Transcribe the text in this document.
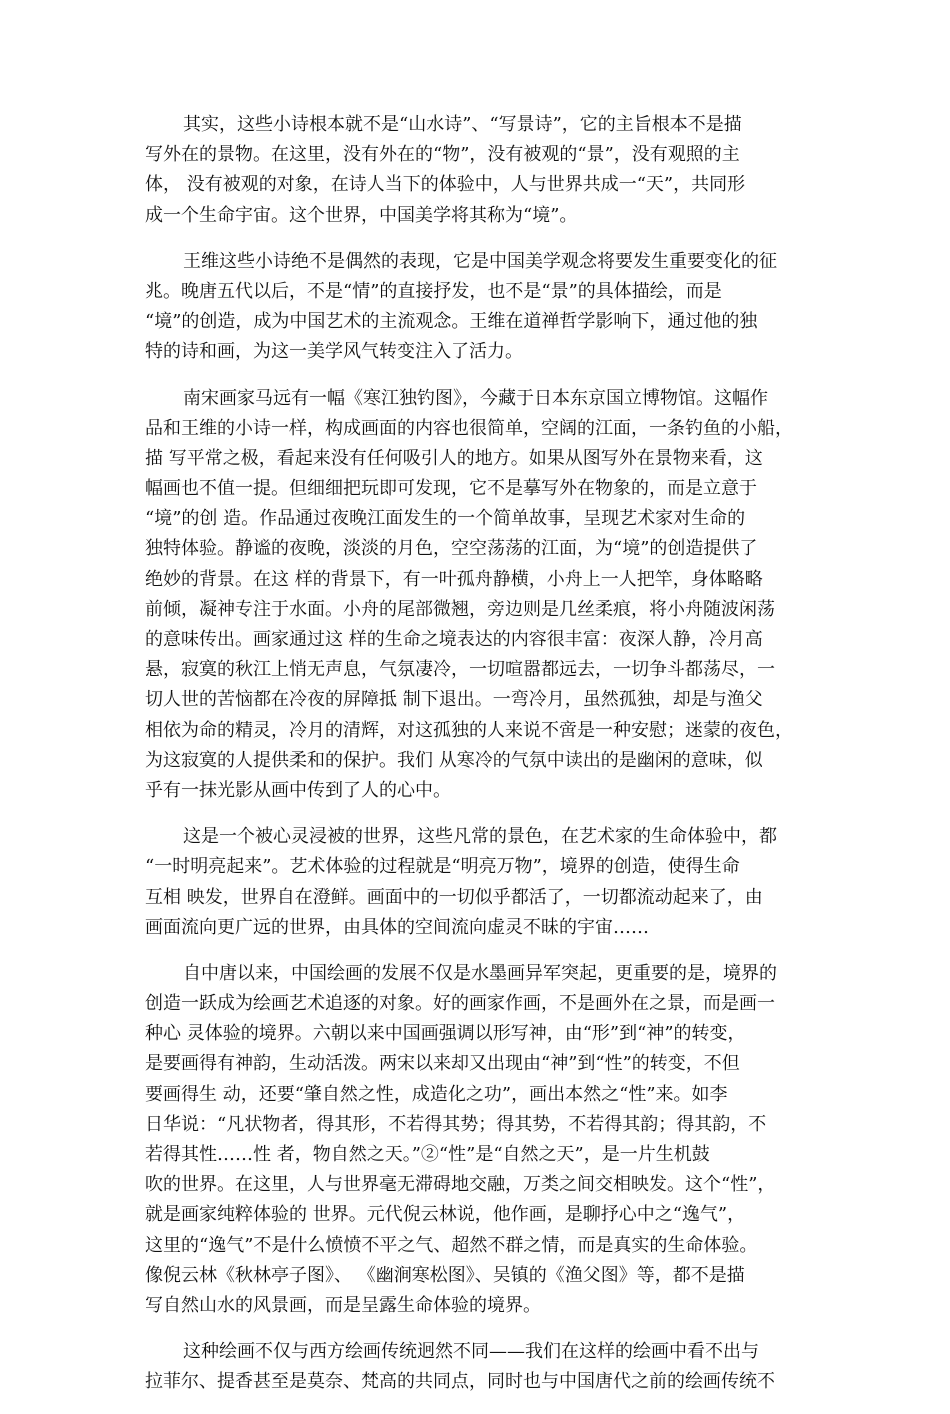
其实，这些小诗根本就不是“山水诗”、“写景诗”，它的主旨根本不是描
写外在的景物。在这里，没有外在的“物”，没有被观的“景”，没有观照的主
体， 没有被观的对象，在诗人当下的体验中，人与世界共成一“天”，共同形
成一个生命宇宙。这个世界，中国美学将其称为“境”。
王维这些小诗绝不是偶然的表现，它是中国美学观念将要发生重要变化的征
兆。晚唐五代以后，不是“情”的直接抒发，也不是“景”的具体描绘，而是
“境”的创造，成为中国艺术的主流观念。王维在道禅哲学影响下，通过他的独
特的诗和画，为这一美学风气转变注入了活力。
南宋画家马远有一幅《寒江独钓图》，今藏于日本东京国立博物馆。这幅作
品和王维的小诗一样，构成画面的内容也很简单，空阔的江面，一条钓鱼的小船，
描 写平常之极，看起来没有任何吸引人的地方。如果从图写外在景物来看，这
幅画也不值一提。但细细把玩即可发现，它不是摹写外在物象的，而是立意于
“境”的创 造。作品通过夜晚江面发生的一个简单故事，呈现艺术家对生命的
独特体验。静谧的夜晚，淡淡的月色，空空荡荡的江面，为“境”的创造提供了
绝妙的背景。在这 样的背景下，有一叶孤舟静横，小舟上一人把竿，身体略略
前倾，凝神专注于水面。小舟的尾部微翘，旁边则是几丝柔痕，将小舟随波闲荡
的意味传出。画家通过这 样的生命之境表达的内容很丰富：夜深人静，冷月高
悬，寂寞的秋江上悄无声息，气氛凄冷，一切喧嚣都远去，一切争斗都荡尽，一
切人世的苦恼都在冷夜的屏障抵 制下退出。一弯冷月，虽然孤独，却是与渔父
相依为命的精灵，冷月的清辉，对这孤独的人来说不啻是一种安慰；迷蒙的夜色，
为这寂寞的人提供柔和的保护。我们 从寒冷的气氛中读出的是幽闲的意味，似
乎有一抹光影从画中传到了人的心中。
这是一个被心灵浸被的世界，这些凡常的景色，在艺术家的生命体验中，都
“一时明亮起来”。艺术体验的过程就是“明亮万物”，境界的创造，使得生命
互相 映发，世界自在澄鲜。画面中的一切似乎都活了，一切都流动起来了，由
画面流向更广远的世界，由具体的空间流向虚灵不昧的宇宙……
自中唐以来，中国绘画的发展不仅是水墨画异军突起，更重要的是，境界的
创造一跃成为绘画艺术追逐的对象。好的画家作画，不是画外在之景，而是画一
种心 灵体验的境界。六朝以来中国画强调以形写神，由“形”到“神”的转变，
是要画得有神韵，生动活泼。两宋以来却又出现由“神”到“性”的转变，不但
要画得生 动，还要“肇自然之性，成造化之功”，画出本然之“性”来。如李
日华说：“凡状物者，得其形，不若得其势；得其势，不若得其韵；得其韵，不
若得其性……性 者，物自然之天。”②“性”是“自然之天”，是一片生机鼓
吹的世界。在这里，人与世界毫无滞碍地交融，万类之间交相映发。这个“性”，
就是画家纯粹体验的 世界。元代倪云林说，他作画，是聊抒心中之“逸气”，
这里的“逸气”不是什么愤愤不平之气、超然不群之情，而是真实的生命体验。
像倪云林《秋林亭子图》、 《幽涧寒松图》、吴镇的《渔父图》等，都不是描
写自然山水的风景画，而是呈露生命体验的境界。
这种绘画不仅与西方绘画传统迥然不同——我们在这样的绘画中看不出与
拉菲尔、提香甚至是莫奈、梵高的共同点，同时也与中国唐代之前的绘画传统不
